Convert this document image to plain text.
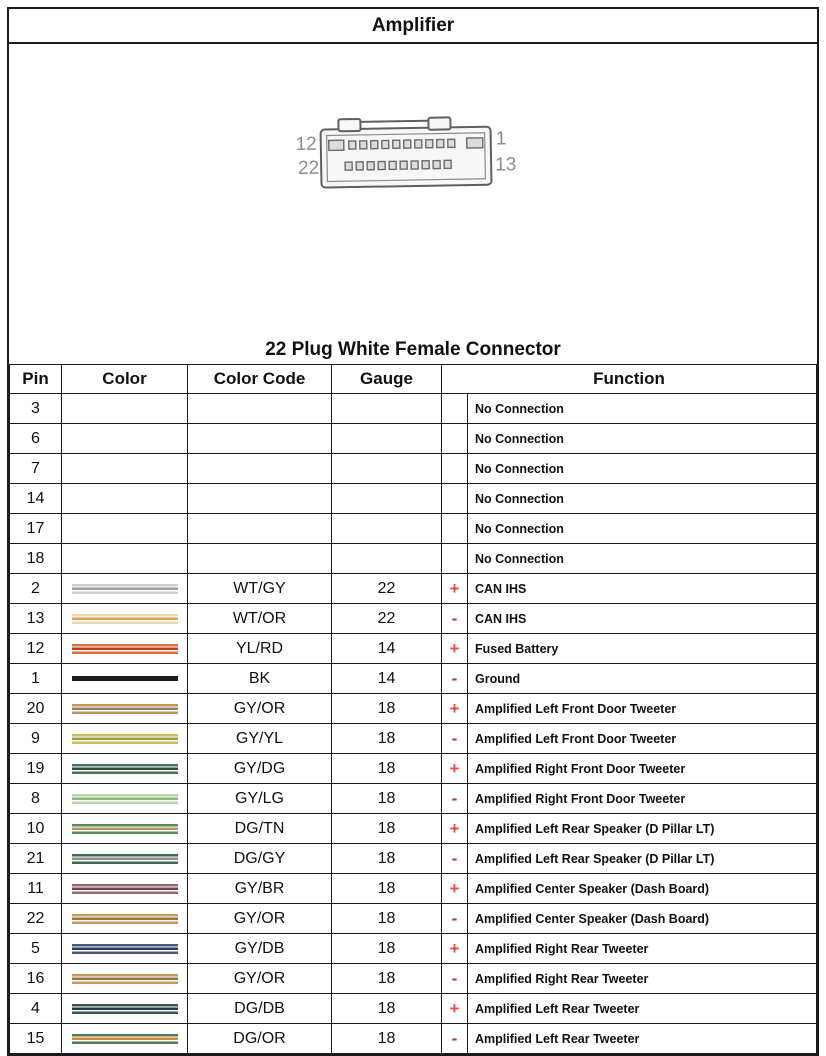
Amplifier
12
22
1
13
22 Plug White Female Connector
Pin	Color	Color Code	Gauge	Function	
3					No Connection
6					No Connection
7					No Connection
14					No Connection
17					No Connection
18					No Connection
2		WT/GY	22	+	CAN IHS
13		WT/OR	22	-	CAN IHS
12		YL/RD	14	+	Fused Battery
1		BK	14	-	Ground
20		GY/OR	18	+	Amplified Left Front Door Tweeter
9		GY/YL	18	-	Amplified Left Front Door Tweeter
19		GY/DG	18	+	Amplified Right Front Door Tweeter
8		GY/LG	18	-	Amplified Right Front Door Tweeter
10		DG/TN	18	+	Amplified Left Rear Speaker (D Pillar LT)
21		DG/GY	18	-	Amplified Left Rear Speaker (D Pillar LT)
11		GY/BR	18	+	Amplified Center Speaker (Dash Board)
22		GY/OR	18	-	Amplified Center Speaker (Dash Board)
5		GY/DB	18	+	Amplified Right Rear Tweeter
16		GY/OR	18	-	Amplified Right Rear Tweeter
4		DG/DB	18	+	Amplified Left Rear Tweeter
15		DG/OR	18	-	Amplified Left Rear Tweeter
